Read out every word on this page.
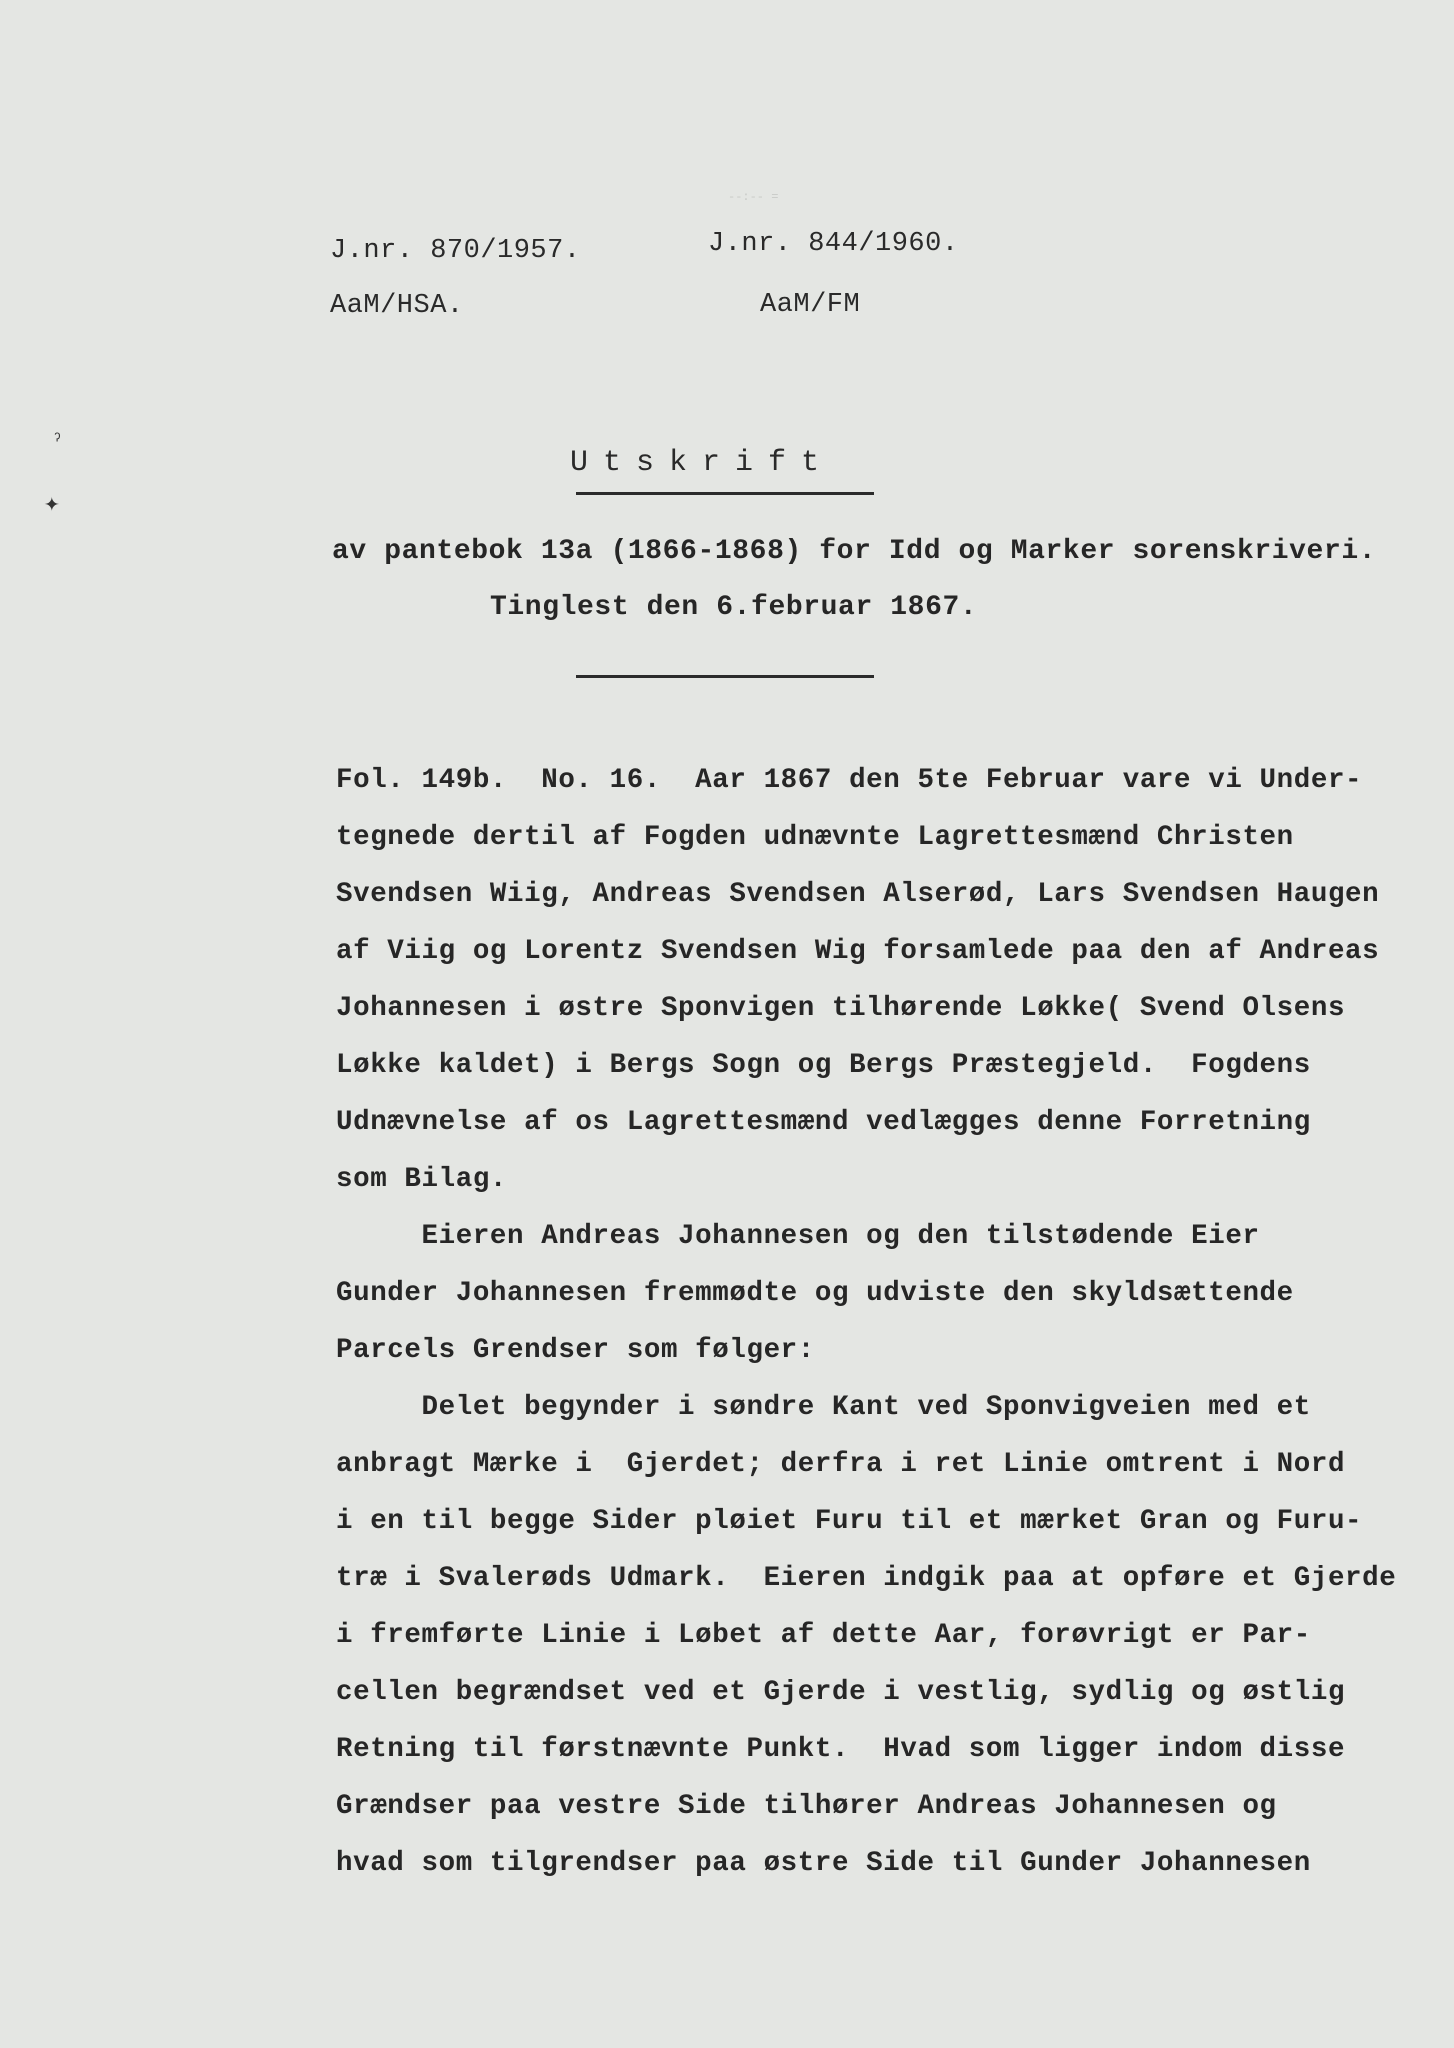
--:-- =
J.nr. 870/1957.
AaM/HSA.
J.nr. 844/1960.
AaM/FM
ˀ
✦
Utskrift
av pantebok 13a (1866-1868) for Idd og Marker sorenskriveri.
Tinglest den 6.februar 1867.
Fol. 149b.  No. 16.  Aar 1867 den 5te Februar vare vi Under-
tegnede dertil af Fogden udnævnte Lagrettesmænd Christen
Svendsen Wiig, Andreas Svendsen Alserød, Lars Svendsen Haugen
af Viig og Lorentz Svendsen Wig forsamlede paa den af Andreas
Johannesen i østre Sponvigen tilhørende Løkke( Svend Olsens
Løkke kaldet) i Bergs Sogn og Bergs Præstegjeld.  Fogdens
Udnævnelse af os Lagrettesmænd vedlægges denne Forretning
som Bilag.
Eieren Andreas Johannesen og den tilstødende Eier
Gunder Johannesen fremmødte og udviste den skyldsættende
Parcels Grendser som følger:
Delet begynder i søndre Kant ved Sponvigveien med et
anbragt Mærke i  Gjerdet; derfra i ret Linie omtrent i Nord
i en til begge Sider pløiet Furu til et mærket Gran og Furu-
træ i Svalerøds Udmark.  Eieren indgik paa at opføre et Gjerde
i fremførte Linie i Løbet af dette Aar, forøvrigt er Par-
cellen begrændset ved et Gjerde i vestlig, sydlig og østlig
Retning til førstnævnte Punkt.  Hvad som ligger indom disse
Grændser paa vestre Side tilhører Andreas Johannesen og
hvad som tilgrendser paa østre Side til Gunder Johannesen
